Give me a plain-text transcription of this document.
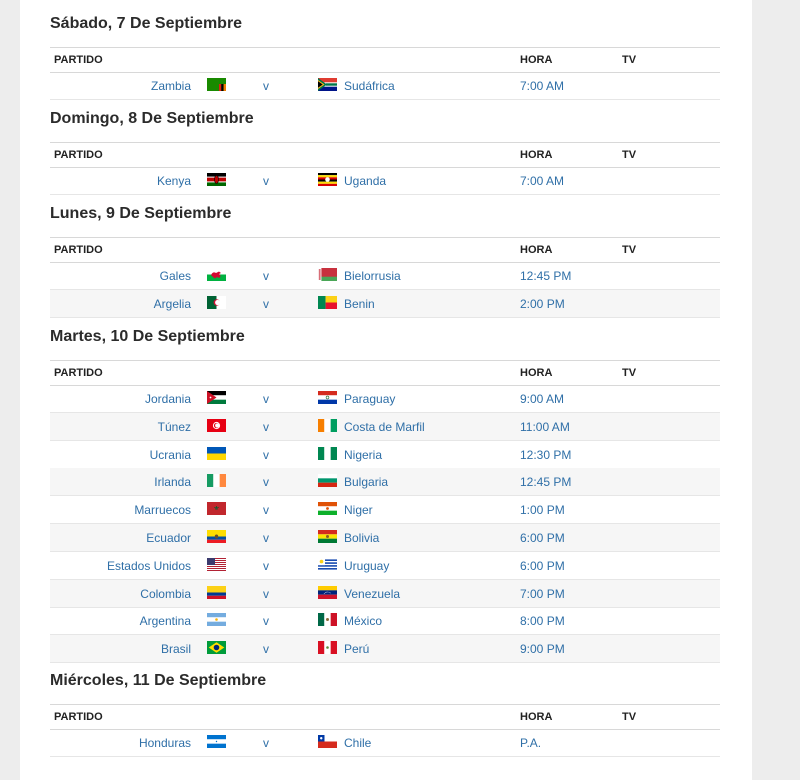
Sábado, 7 De Septiembre
PARTIDO	HORA	TV
Zambia	v	Sudáfrica	7:00 AM
Domingo, 8 De Septiembre
PARTIDO	HORA	TV
Kenya	v	Uganda	7:00 AM
Lunes, 9 De Septiembre
PARTIDO	HORA	TV
Gales	v	Bielorrusia	12:45 PM
Argelia	v	Benin	2:00 PM
Martes, 10 De Septiembre
PARTIDO	HORA	TV
Jordania	v	Paraguay	9:00 AM
Túnez	v	Costa de Marfil	11:00 AM
Ucrania	v	Nigeria	12:30 PM
Irlanda	v	Bulgaria	12:45 PM
Marruecos	v	Niger	1:00 PM
Ecuador	v	Bolivia	6:00 PM
Estados Unidos	v	Uruguay	6:00 PM
Colombia	v	Venezuela	7:00 PM
Argentina	v	México	8:00 PM
Brasil	v	Perú	9:00 PM
Miércoles, 11 De Septiembre
PARTIDO	HORA	TV
Honduras	v	Chile	P.A.
